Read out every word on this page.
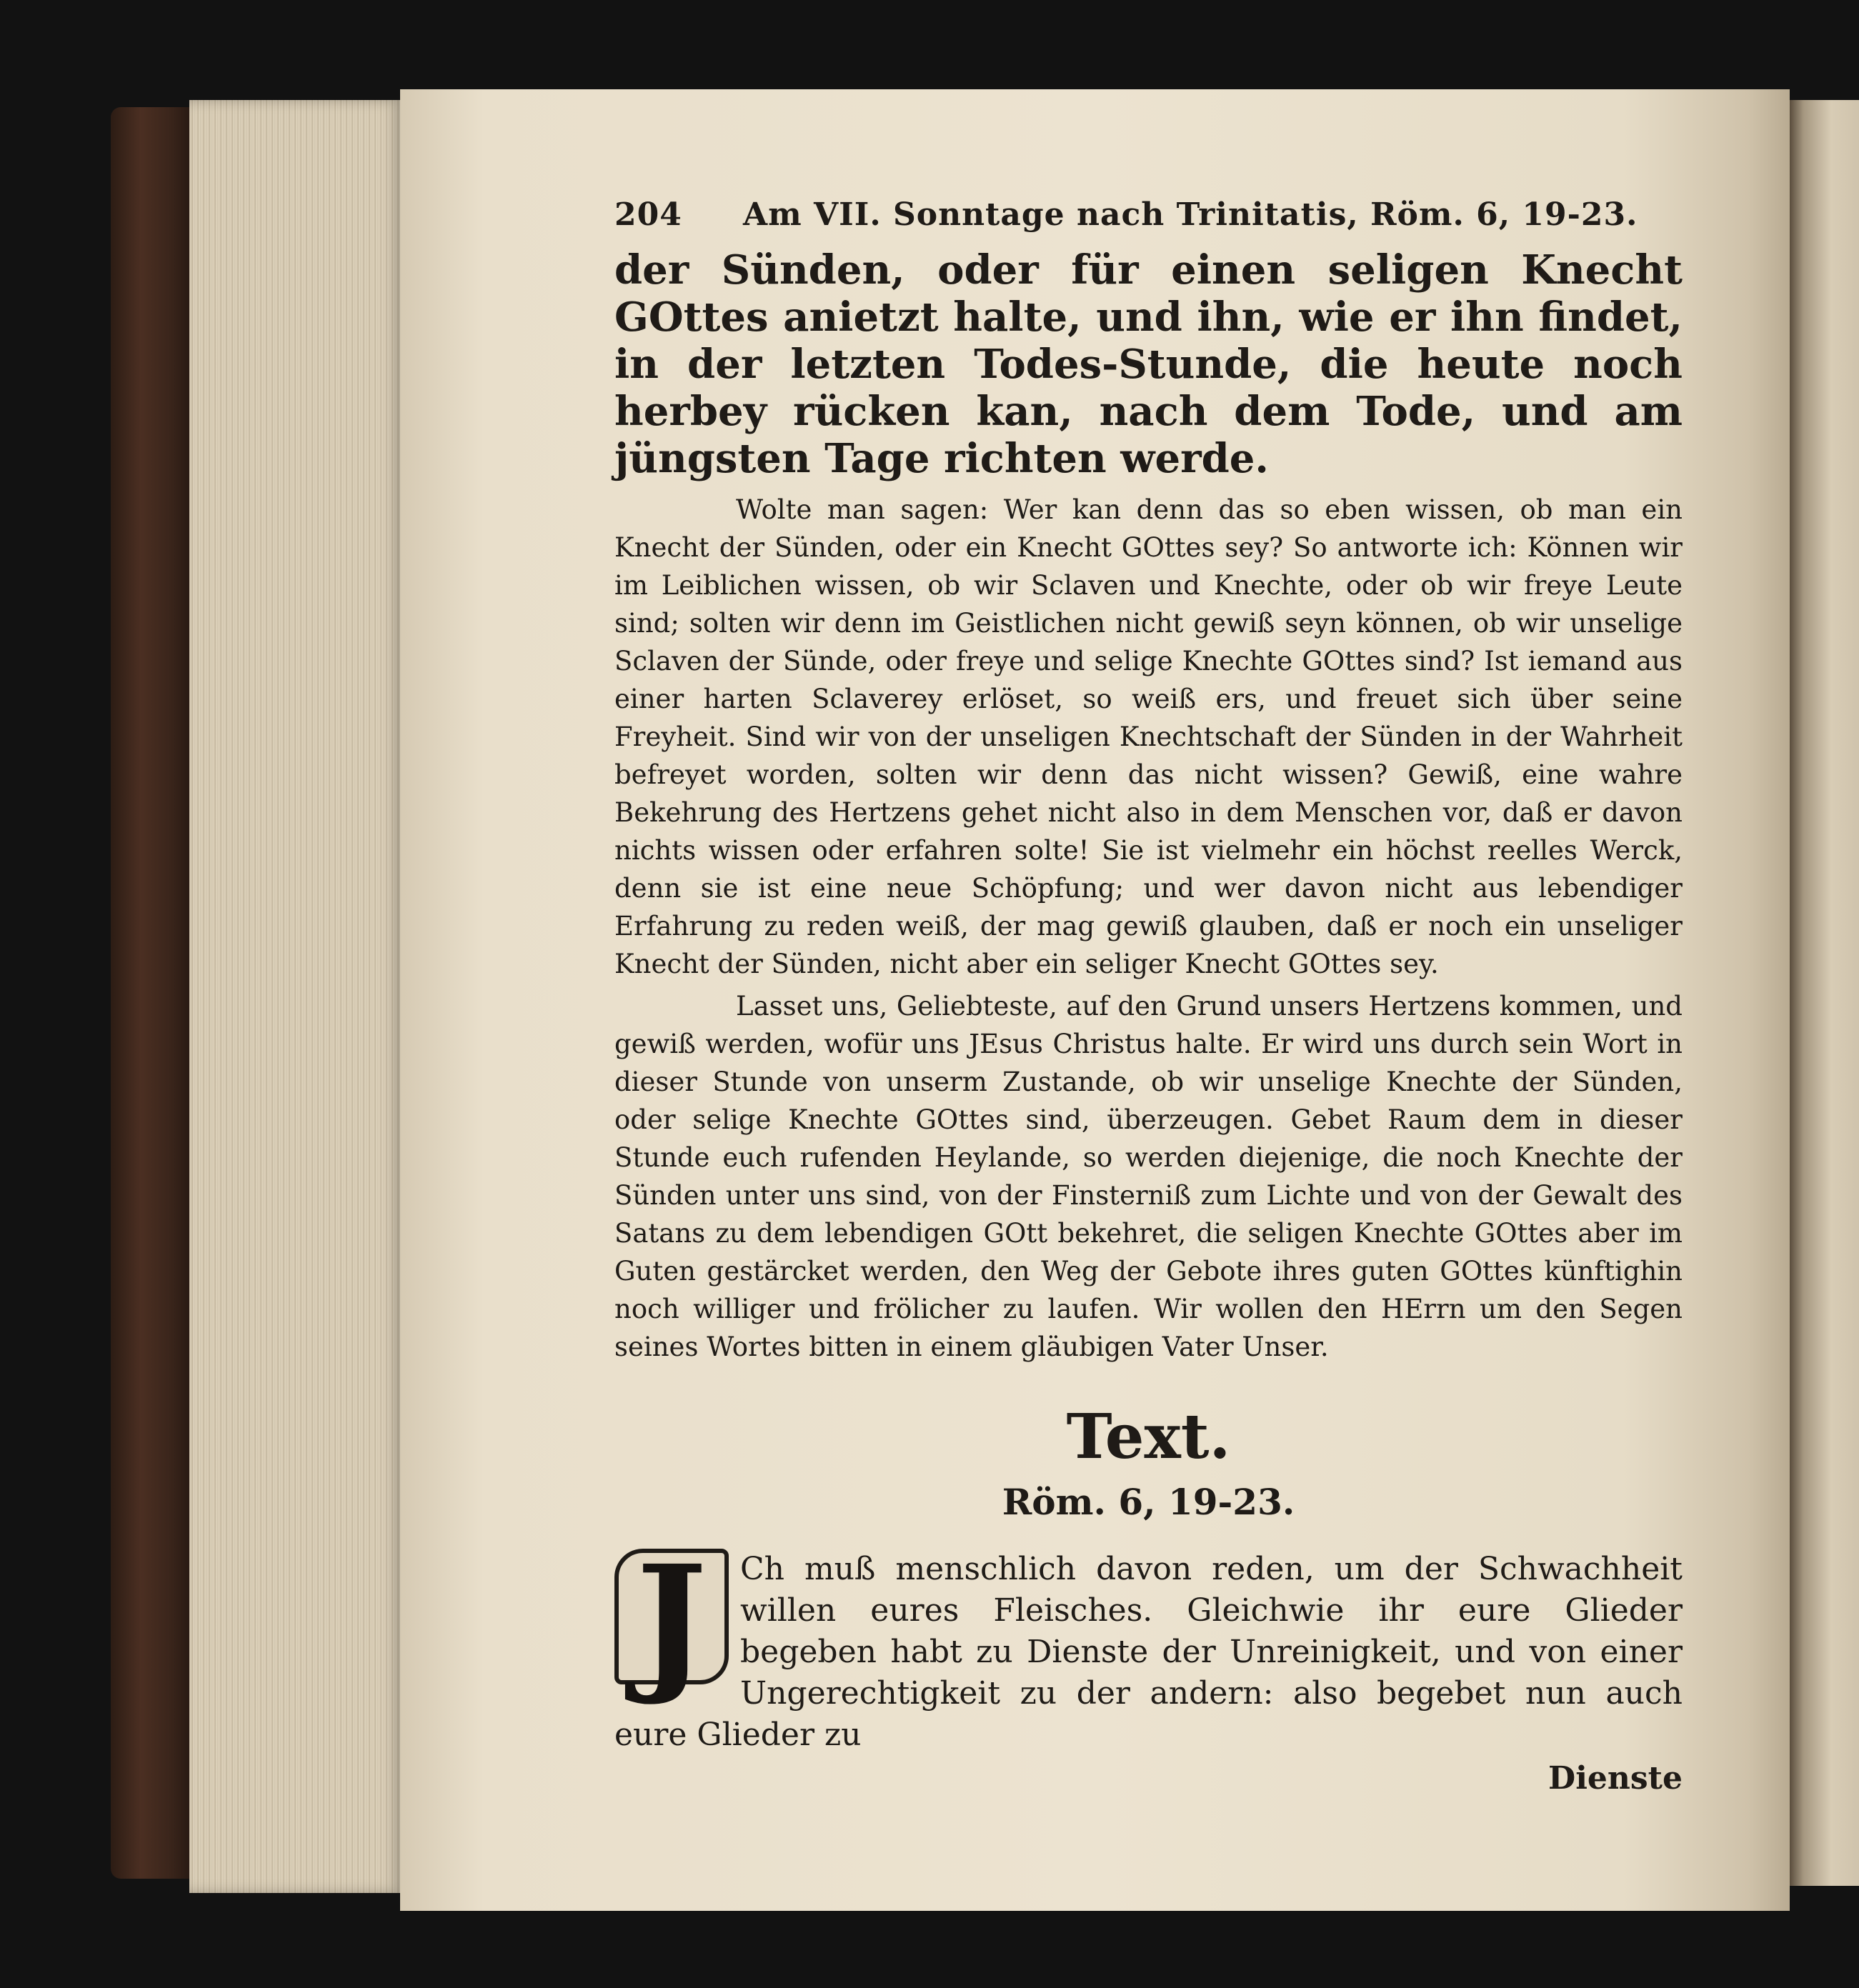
204	Am VII. Sonntage nach Trinitatis, Röm. 6, 19-23.
der Sünden, oder für einen seligen Knecht GOttes anietzt halte, und ihn, wie er ihn findet, in der letzten Todes-Stunde, die heute noch herbey rücken kan, nach dem Tode, und am jüngsten Tage richten werde.

Wolte man sagen: Wer kan denn das so eben wissen, ob man ein Knecht der Sünden, oder ein Knecht GOttes sey? So antworte ich: Können wir im Leiblichen wissen, ob wir Sclaven und Knechte, oder ob wir freye Leute sind; solten wir denn im Geistlichen nicht gewiß seyn können, ob wir unselige Sclaven der Sünde, oder freye und selige Knechte GOttes sind? Ist iemand aus einer harten Sclaverey erlöset, so weiß ers, und freuet sich über seine Freyheit. Sind wir von der unseligen Knechtschaft der Sünden in der Wahrheit befreyet worden, solten wir denn das nicht wissen? Gewiß, eine wahre Bekehrung des Hertzens gehet nicht also in dem Menschen vor, daß er davon nichts wissen oder erfahren solte! Sie ist vielmehr ein höchst reelles Werck, denn sie ist eine neue Schöpfung; und wer davon nicht aus lebendiger Erfahrung zu reden weiß, der mag gewiß glauben, daß er noch ein unseliger Knecht der Sünden, nicht aber ein seliger Knecht GOttes sey.

Lasset uns, Geliebteste, auf den Grund unsers Hertzens kommen, und gewiß werden, wofür uns JEsus Christus halte. Er wird uns durch sein Wort in dieser Stunde von unserm Zustande, ob wir unselige Knechte der Sünden, oder selige Knechte GOttes sind, überzeugen. Gebet Raum dem in dieser Stunde euch rufenden Heylande, so werden diejenige, die noch Knechte der Sünden unter uns sind, von der Finsterniß zum Lichte und von der Gewalt des Satans zu dem lebendigen GOtt bekehret, die seligen Knechte GOttes aber im Guten gestärcket werden, den Weg der Gebote ihres guten GOttes künftighin noch williger und frölicher zu laufen. Wir wollen den HErrn um den Segen seines Wortes bitten in einem gläubigen Vater Unser.

Text.
Röm. 6, 19-23.
J	Ch muß menschlich davon reden, um der Schwachheit willen eures Fleisches. Gleichwie ihr eure Glieder begeben habt zu Dienste der Unreinigkeit, und von einer Ungerechtigkeit zu der andern: also begebet nun auch eure Glieder zu
Dienste
